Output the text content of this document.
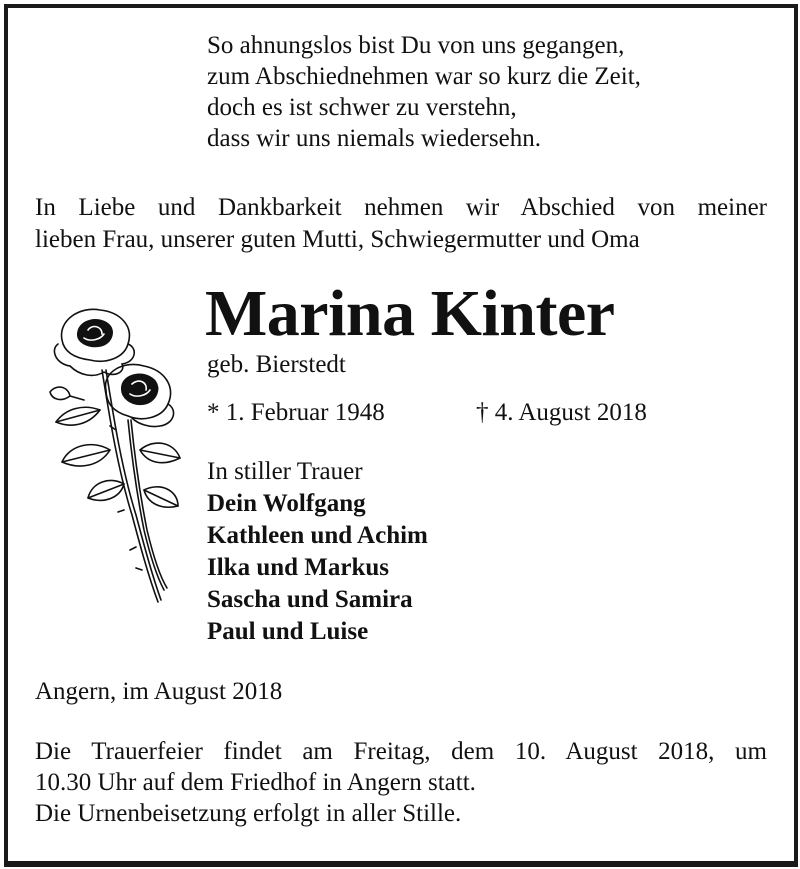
So ahnungslos bist Du von uns gegangen,
zum Abschiednehmen war so kurz die Zeit,
doch es ist schwer zu verstehn,
dass wir uns niemals wiedersehn.
In Liebe und Dankbarkeit nehmen wir Abschied von meiner
lieben Frau, unserer guten Mutti, Schwiegermutter und Oma
Marina Kinter
geb. Bierstedt
* 1. Februar 1948	† 4. August 2018
In stiller Trauer
Dein Wolfgang
Kathleen und Achim
Ilka und Markus
Sascha und Samira
Paul und Luise
Angern, im August 2018
Die Trauerfeier findet am Freitag, dem 10. August 2018, um
10.30 Uhr auf dem Friedhof in Angern statt.
Die Urnenbeisetzung erfolgt in aller Stille.
